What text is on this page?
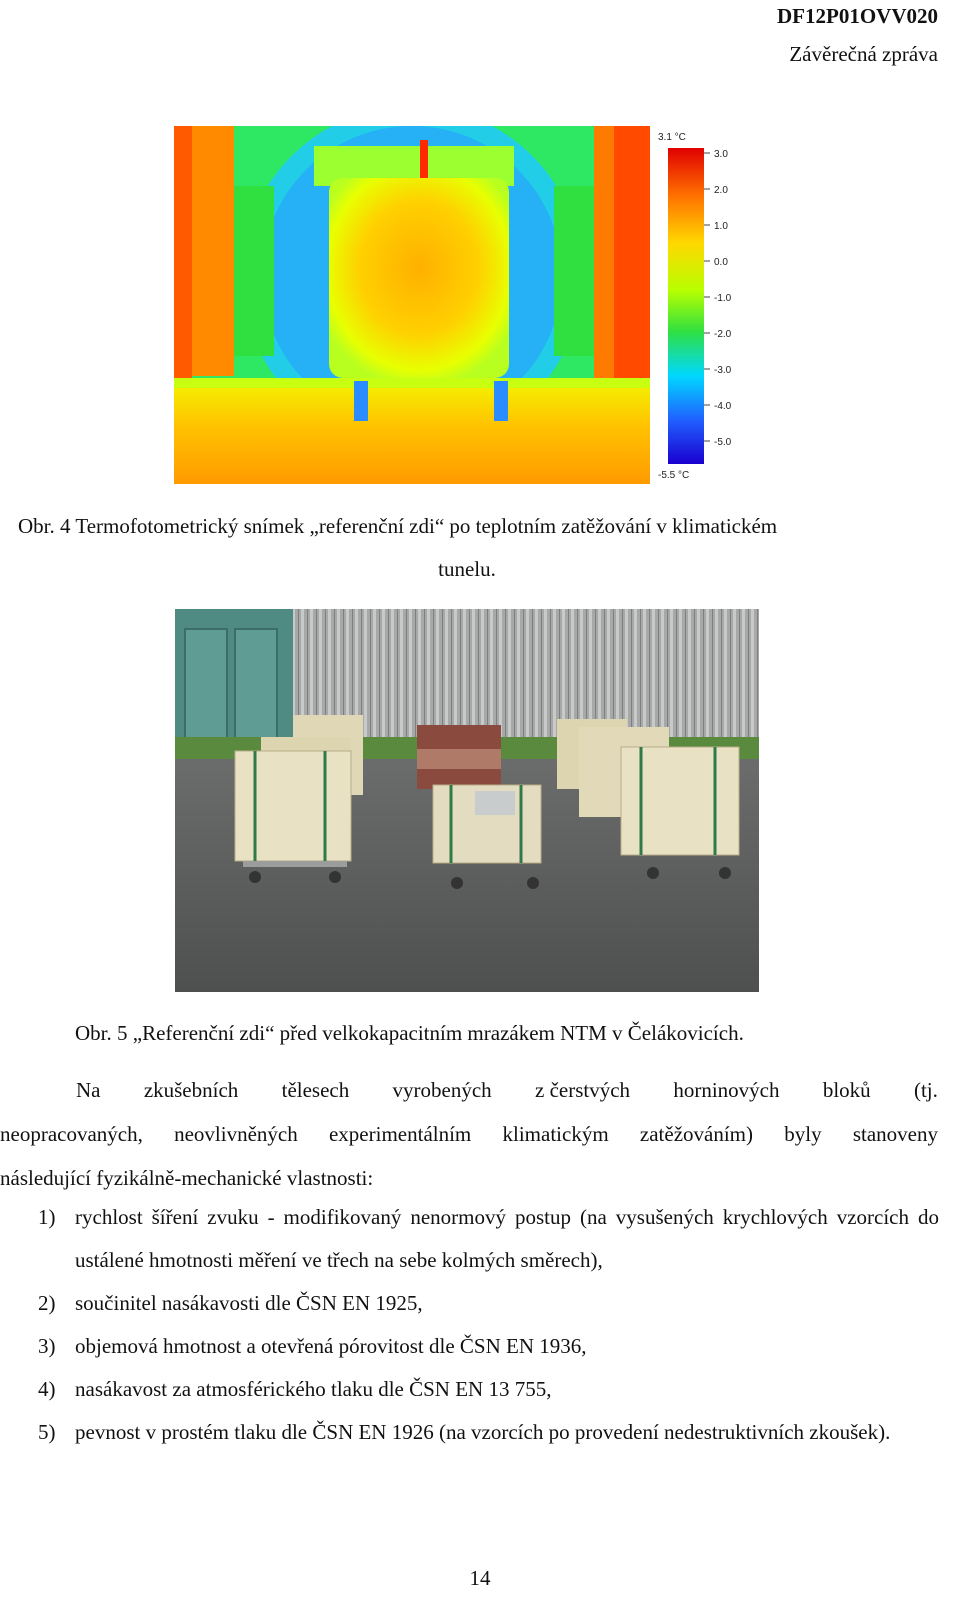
DF12P01OVV020
Závěrečná zpráva
3.1 °C
-5.5 °C
3.0
2.0
1.0
0.0
-1.0
-2.0
-3.0
-4.0
-5.0
Obr. 4 Termofotometrický snímek „referenční zdi“ po teplotním zatěžování v klimatickém
tunelu.
Obr. 5 „Referenční zdi“ před velkokapacitním mrazákem NTM v Čelákovicích.
Na zkušebních tělesech vyrobených z čerstvých horninových bloků (tj.
neopracovaných, neovlivněných experimentálním klimatickým zatěžováním) byly stanoveny
následující fyzikálně-mechanické vlastnosti:
1) rychlost šíření zvuku - modifikovaný nenormový postup (na vysušených krychlových vzorcích do ustálené hmotnosti měření ve třech na sebe kolmých směrech),
2) součinitel nasákavosti dle ČSN EN 1925,
3) objemová hmotnost a otevřená pórovitost dle ČSN EN 1936,
4) nasákavost za atmosférického tlaku dle ČSN EN 13 755,
5) pevnost v prostém tlaku dle ČSN EN 1926 (na vzorcích po provedení nedestruktivních zkoušek).
14
